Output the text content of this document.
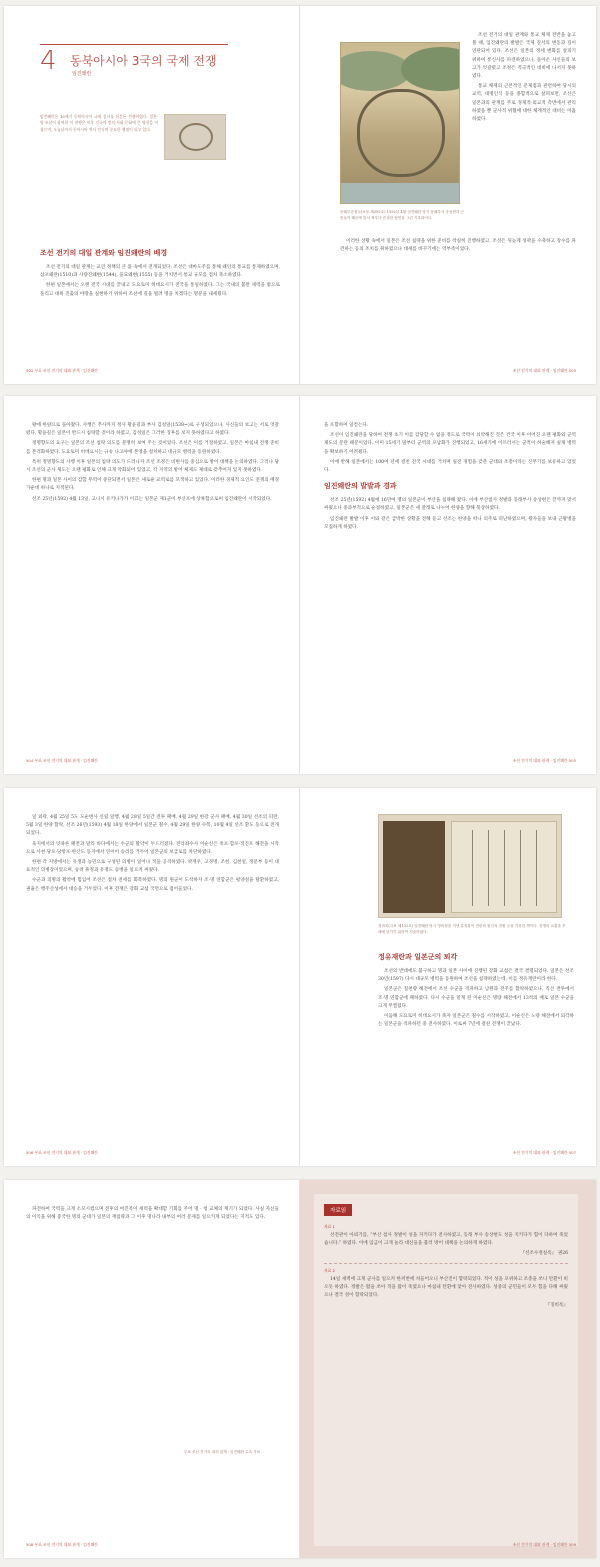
4 동북아시아 3국의 국제 전쟁
임진왜란
임진왜란은 16세기 동북아시아 국제 질서를 뒤흔든 전쟁이었다. 일본·명·조선이 참여한 이 전쟁은 이후 각국의 정치·사회·문화에 큰 영향을 미쳤으며, 오늘날까지 동아시아 역사 인식의 중요한 쟁점이 되고 있다.
조선 전기의 대일 관계와 임진왜란의 배경

조선 전기의 대일 관계는 교린 정책의 큰 틀 속에서 전개되었다. 조선은 대마도주를 통해 왜인의 통교를 통제하였으며, 삼포왜란(1510)과 사량진왜변(1544), 을묘왜변(1555) 등을 거치면서 통교 규모를 점차 축소하였다.

한편 일본에서는 오랜 전국 시대를 끝내고 도요토미 히데요시가 전국을 통일하였다. 그는 국내의 불만 세력을 밖으로 돌리고 대륙 진출의 야망을 실현하기 위하여 조선에 길을 빌려 명을 치겠다는 명분을 내세웠다.

502 부표 조선 전기의 대외 관계 · 임진왜란
동래부순절도(보물 제392호) 1592년 4월 임진왜란 당시 동래부사 송상현과 군민들이 왜군에 맞서 싸우다 순절한 장면을 그린 기록화이다.

조선 전기의 대일 관계와 통교 체제 전반을 놓고 볼 때, 임진왜란의 발발은 국제 질서의 변동과 깊이 연관되어 있다. 조선은 일본의 정세 변화를 살피기 위하여 통신사를 파견하였으나, 돌아온 사신들의 보고가 엇갈렸고 조정은 적극적인 대비에 나서지 못하였다.

통교 체제의 근본적인 문제점과 관련하여 당시의 교역, 대명인식 등을 종합적으로 살펴보면, 조선은 일본과의 관계를 주로 경제적·외교적 측면에서 관리하였을 뿐 군사적 위협에 대한 체계적인 대비는 미흡하였다.

이러한 상황 속에서 일본은 조선 침략을 위한 준비를 착실히 진행하였고, 조선은 뒤늦게 성곽을 수축하고 장수를 파견하는 등의 조치를 취하였으나 대세를 바꾸기에는 역부족이었다.

조선 전기의 대외 관계 · 임진왜란 503

왕에 한양으로 돌아왔다. 사행은 추사까지 정사 황윤길과 부사 김성일(1538~)로 구성되었으나, 사신들의 보고는 서로 엇갈렸다. 황윤길은 일본이 반드시 침략할 것이라 하였고, 김성일은 그러한 징후를 보지 못하였다고 하였다.

정명향도의 요구는 일본의 조선 침략 의도를 분명히 보여 주는 것이었다. 조선은 이를 거절하였고, 일본은 마침내 전쟁 준비를 본격화하였다. 도요토미 히데요시는 규슈 나고야에 본영을 설치하고 대규모 병력을 동원하였다.

특히 정명향도의 사행 이후 일본의 침략 의도가 드러나자 조선 조정은 비변사를 중심으로 방어 대책을 논의하였다. 그러나 당시 조선의 군사 제도는 오랜 평화로 인해 크게 약화되어 있었고, 각 지역의 방어 체제도 제대로 갖추어져 있지 못하였다.

한편 명과 일본 사이의 감합 무역이 중단되면서 일본은 새로운 교역로를 모색하고 있었다. 이러한 경제적 요인도 전쟁의 배경 가운데 하나로 지적된다.

선조 25년(1592) 4월 13일, 고니시 유키나가가 이끄는 일본군 제1군이 부산포에 상륙함으로써 임진왜란이 시작되었다.

504 부표 조선 전기의 대외 관계 · 임진왜란

을 포함하여 일컫는다.

조선이 임진왜란을 당하여 전쟁 초기 이를 감당할 수 없을 정도로 국력이 쇠약해진 것은 건국 이후 이어진 오랜 평화와 군역 제도의 문란 때문이었다. 이미 15세기 말부터 군역의 포납화가 진행되었고, 16세기에 이르러서는 군적이 허술해져 실제 병력을 확보하기 어려웠다.

이에 반해 일본에서는 100여 년에 걸친 전국 시대를 거치며 실전 경험을 갖춘 군대와 조총이라는 신무기를 보유하고 있었다.

임진왜란의 발발과 경과

선조 25년(1592) 4월에 16만여 명의 일본군이 부산을 침략해 왔다. 이에 부산첨사 정발과 동래부사 송상현은 끝까지 맞서 싸웠으나 중과부적으로 순절하였고, 일본군은 세 갈래로 나누어 한양을 향해 북상하였다.

임진왜란 발발 이후 이와 같은 급박한 상황을 전해 듣고 선조는 한양을 떠나 의주로 피난하였으며, 왕자들을 보내 근왕병을 모집하게 하였다.

조선 전기의 대외 관계 · 임진왜란 505

일 외곽, 4월 25일 5도 도순변사 신립 일행, 4월 28일 5일간 전투 패배, 4월 29일 한강 군사 패배, 4월 30일 선조의 피란, 5월 3일 한양 함락, 선조 26년(1593) 4월 18일 한양에서 일본군 철수, 4월 29일 한양 수복, 10월 4일 선조 환도 등으로 전개되었다.

육지에서의 잇따른 패전과 달리 바다에서는 수군의 활약이 두드러졌다. 전라좌수사 이순신은 옥포·합포·적진포 해전을 시작으로 사천·당포·당항포·한산도 등지에서 연이어 승리를 거두어 일본군의 보급로를 차단하였다.

한편 각 지방에서는 유생과 농민으로 구성된 의병이 일어나 적을 공격하였다. 곽재우, 고경명, 조헌, 김천일, 정문부 등이 대표적인 의병장이었으며, 승려 휴정과 유정도 승병을 일으켜 싸웠다.

수군과 의병의 활약에 힘입어 조선은 점차 전세를 회복하였다. 명의 원군이 도착하자 조·명 연합군은 평양성을 탈환하였고, 권율은 행주산성에서 대승을 거두었다. 이후 전쟁은 강화 교섭 국면으로 접어들었다.

506 부표 조선 전기의 대외 관계 · 임진왜란
징비록(국보 제132호) 임진왜란 당시 영의정을 지낸 유성룡이 전란의 원인과 전황 등을 기록한 책이다. 전쟁의 교훈을 후세에 남기기 위하여 저술하였다.
정유재란과 일본군의 퇴각

조선의 반대에도 불구하고 명과 일본 사이에 진행된 강화 교섭은 결국 결렬되었다. 일본은 선조 30년(1597) 다시 대규모 병력을 동원하여 조선을 침략하였는데, 이를 정유재란이라 한다.

일본군은 칠천량 해전에서 조선 수군을 격파하고 남원과 전주를 함락하였으나, 직산 전투에서 조·명 연합군에 패하였다. 다시 수군을 맡게 된 이순신은 명량 해전에서 13척의 배로 일본 수군을 크게 무찔렀다.

이듬해 도요토미 히데요시가 죽자 일본군은 철수를 시작하였고, 이순신은 노량 해전에서 퇴각하는 일본군을 격파하던 중 전사하였다. 이로써 7년에 걸친 전쟁이 끝났다.

조선 전기의 대외 관계 · 임진왜란 507

파견하여 국력을 크게 소모시켰으며 전후의 여진족이 세력을 확대할 기회를 주어 명 · 청 교체의 계기가 되었다. 사실 자신들의 이익을 위해 중국한 명의 군대가 일본의 재침략과 그 이후 명나라 내부의 여러 문제를 일으키게 되었다는 지적도 있다.

부표 조선 전기의 대외 관계 · 임진왜란 수록 사료
508 부표 조선 전기의 대외 관계 · 임진왜란
자료읽
자료 1

선전관이 아뢰기를, “부산 첨사 정발이 성을 지키다가 전사하였고, 동래 부사 송상현도 성을 지키다가 힘이 다하여 죽었습니다.” 하였다. 이에 임금이 크게 놀라 대신들을 불러 방어 대책을 논의하게 하였다.

『선조수정실록』 권26

자료 2

14일 새벽에 크게 군사를 일으켜 한꺼번에 쳐들어오니 부산진이 함락되었다. 적이 성을 포위하고 조총을 쏘니 탄환이 비오듯 하였다. 정발은 활을 쏘아 적을 많이 죽였으나 마침내 탄환에 맞아 전사하였다. 성중의 군민들이 모두 힘을 다해 싸웠으나 결국 성이 함락되었다.

『징비록』

조선 전기의 대외 관계 · 임진왜란 509
